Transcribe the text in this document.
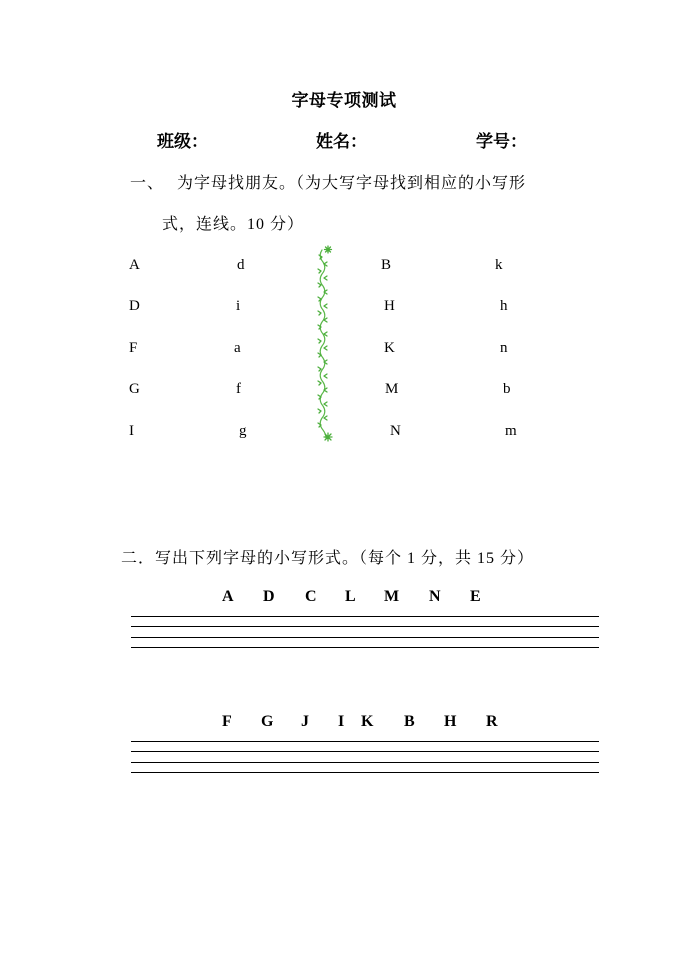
字母专项测试
班级：	姓名：	学号：
一、 为字母找朋友。（为大写字母找到相应的小写形
式，连线。10 分）
A
D
F
G
I
d
i
a
f
g
B
H
K
M
N
k
h
n
b
m
二．写出下列字母的小写形式。（每个 1 分，共 15 分）
A D C L M N E
F G J I K B H R
